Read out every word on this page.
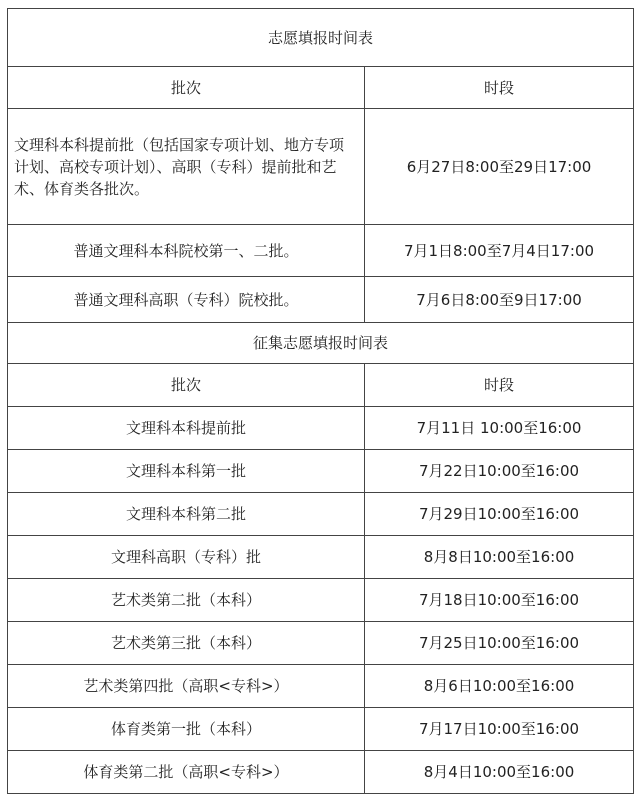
志愿填报时间表	
批次	时段
文理科本科提前批（包括国家专项计划、地方专项计划、高校专项计划）、高职（专科）提前批和艺术、体育类各批次。	6月27日8:00至29日17:00
普通文理科本科院校第一、二批。	7月1日8:00至7月4日17:00
普通文理科高职（专科）院校批。	7月6日8:00至9日17:00
征集志愿填报时间表	
批次	时段
文理科本科提前批	7月11日 10:00至16:00
文理科本科第一批	7月22日10:00至16:00
文理科本科第二批	7月29日10:00至16:00
文理科高职（专科）批	8月8日10:00至16:00
艺术类第二批（本科）	7月18日10:00至16:00
艺术类第三批（本科）	7月25日10:00至16:00
艺术类第四批（高职<专科>）	8月6日10:00至16:00
体育类第一批（本科）	7月17日10:00至16:00
体育类第二批（高职<专科>）	8月4日10:00至16:00
